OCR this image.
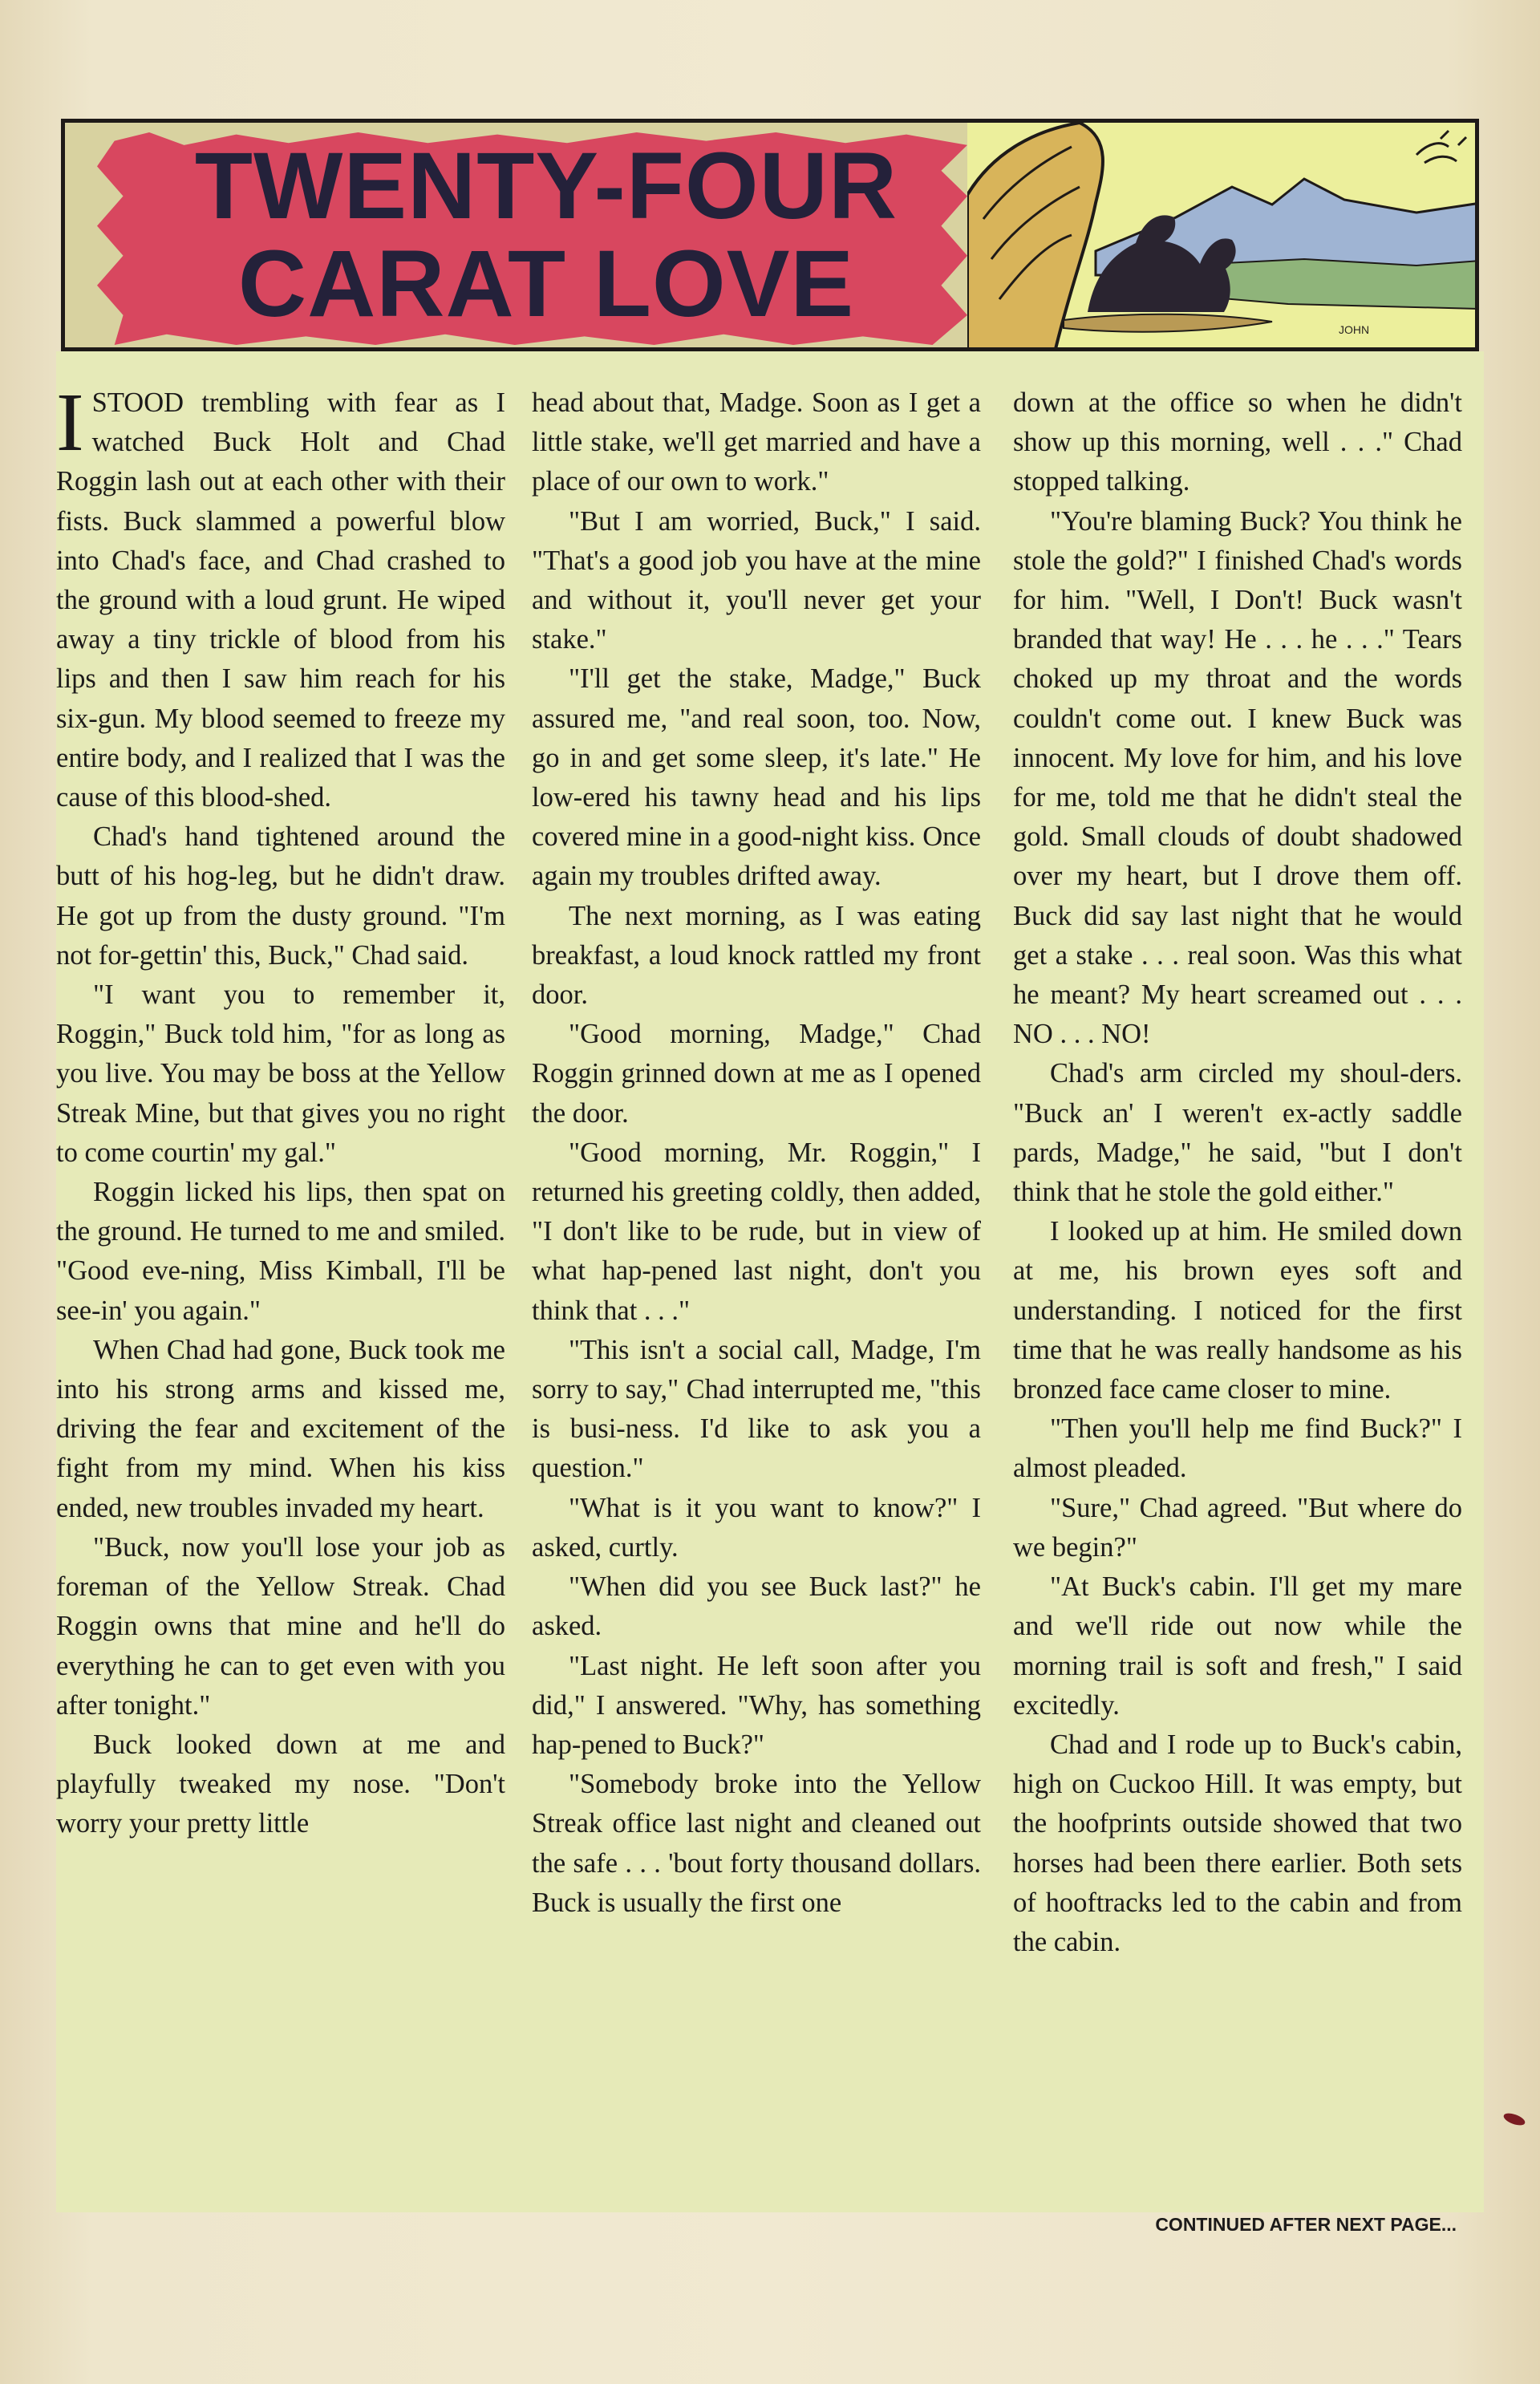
TWENTY-FOUR
CARAT LOVE	JOHN

ISTOOD trembling with fear as I watched Buck Holt and Chad Roggin lash out at each other with their fists. Buck slammed a powerful blow into Chad's face, and Chad crashed to the ground with a loud grunt. He wiped away a tiny trickle of blood from his lips and then I saw him reach for his six-gun. My blood seemed to freeze my entire body, and I realized that I was the cause of this blood-shed.

Chad's hand tightened around the butt of his hog-leg, but he didn't draw. He got up from the dusty ground. "I'm not for-gettin' this, Buck," Chad said.

"I want you to remember it, Roggin," Buck told him, "for as long as you live. You may be boss at the Yellow Streak Mine, but that gives you no right to come courtin' my gal."

Roggin licked his lips, then spat on the ground. He turned to me and smiled. "Good eve-ning, Miss Kimball, I'll be see-in' you again."

When Chad had gone, Buck took me into his strong arms and kissed me, driving the fear and excitement of the fight from my mind. When his kiss ended, new troubles invaded my heart.

"Buck, now you'll lose your job as foreman of the Yellow Streak. Chad Roggin owns that mine and he'll do everything he can to get even with you after tonight."

Buck looked down at me and playfully tweaked my nose. "Don't worry your pretty little

head about that, Madge. Soon as I get a little stake, we'll get married and have a place of our own to work."

"But I am worried, Buck," I said. "That's a good job you have at the mine and without it, you'll never get your stake."

"I'll get the stake, Madge," Buck assured me, "and real soon, too. Now, go in and get some sleep, it's late." He low-ered his tawny head and his lips covered mine in a good-night kiss. Once again my troubles drifted away.

The next morning, as I was eating breakfast, a loud knock rattled my front door.

"Good morning, Madge," Chad Roggin grinned down at me as I opened the door.

"Good morning, Mr. Roggin," I returned his greeting coldly, then added, "I don't like to be rude, but in view of what hap-pened last night, don't you think that . . ."

"This isn't a social call, Madge, I'm sorry to say," Chad interrupted me, "this is busi-ness. I'd like to ask you a question."

"What is it you want to know?" I asked, curtly.

"When did you see Buck last?" he asked.

"Last night. He left soon after you did," I answered. "Why, has something hap-pened to Buck?"

"Somebody broke into the Yellow Streak office last night and cleaned out the safe . . . 'bout forty thousand dollars. Buck is usually the first one

down at the office so when he didn't show up this morning, well . . ." Chad stopped talking.

"You're blaming Buck? You think he stole the gold?" I finished Chad's words for him. "Well, I Don't! Buck wasn't branded that way! He . . . he . . ." Tears choked up my throat and the words couldn't come out. I knew Buck was innocent. My love for him, and his love for me, told me that he didn't steal the gold. Small clouds of doubt shadowed over my heart, but I drove them off. Buck did say last night that he would get a stake . . . real soon. Was this what he meant? My heart screamed out . . . NO . . . NO!

Chad's arm circled my shoul-ders. "Buck an' I weren't ex-actly saddle pards, Madge," he said, "but I don't think that he stole the gold either."

I looked up at him. He smiled down at me, his brown eyes soft and understanding. I noticed for the first time that he was really handsome as his bronzed face came closer to mine.

"Then you'll help me find Buck?" I almost pleaded.

"Sure," Chad agreed. "But where do we begin?"

"At Buck's cabin. I'll get my mare and we'll ride out now while the morning trail is soft and fresh," I said excitedly.

Chad and I rode up to Buck's cabin, high on Cuckoo Hill. It was empty, but the hoofprints outside showed that two horses had been there earlier. Both sets of hooftracks led to the cabin and from the cabin.

CONTINUED AFTER NEXT PAGE...
